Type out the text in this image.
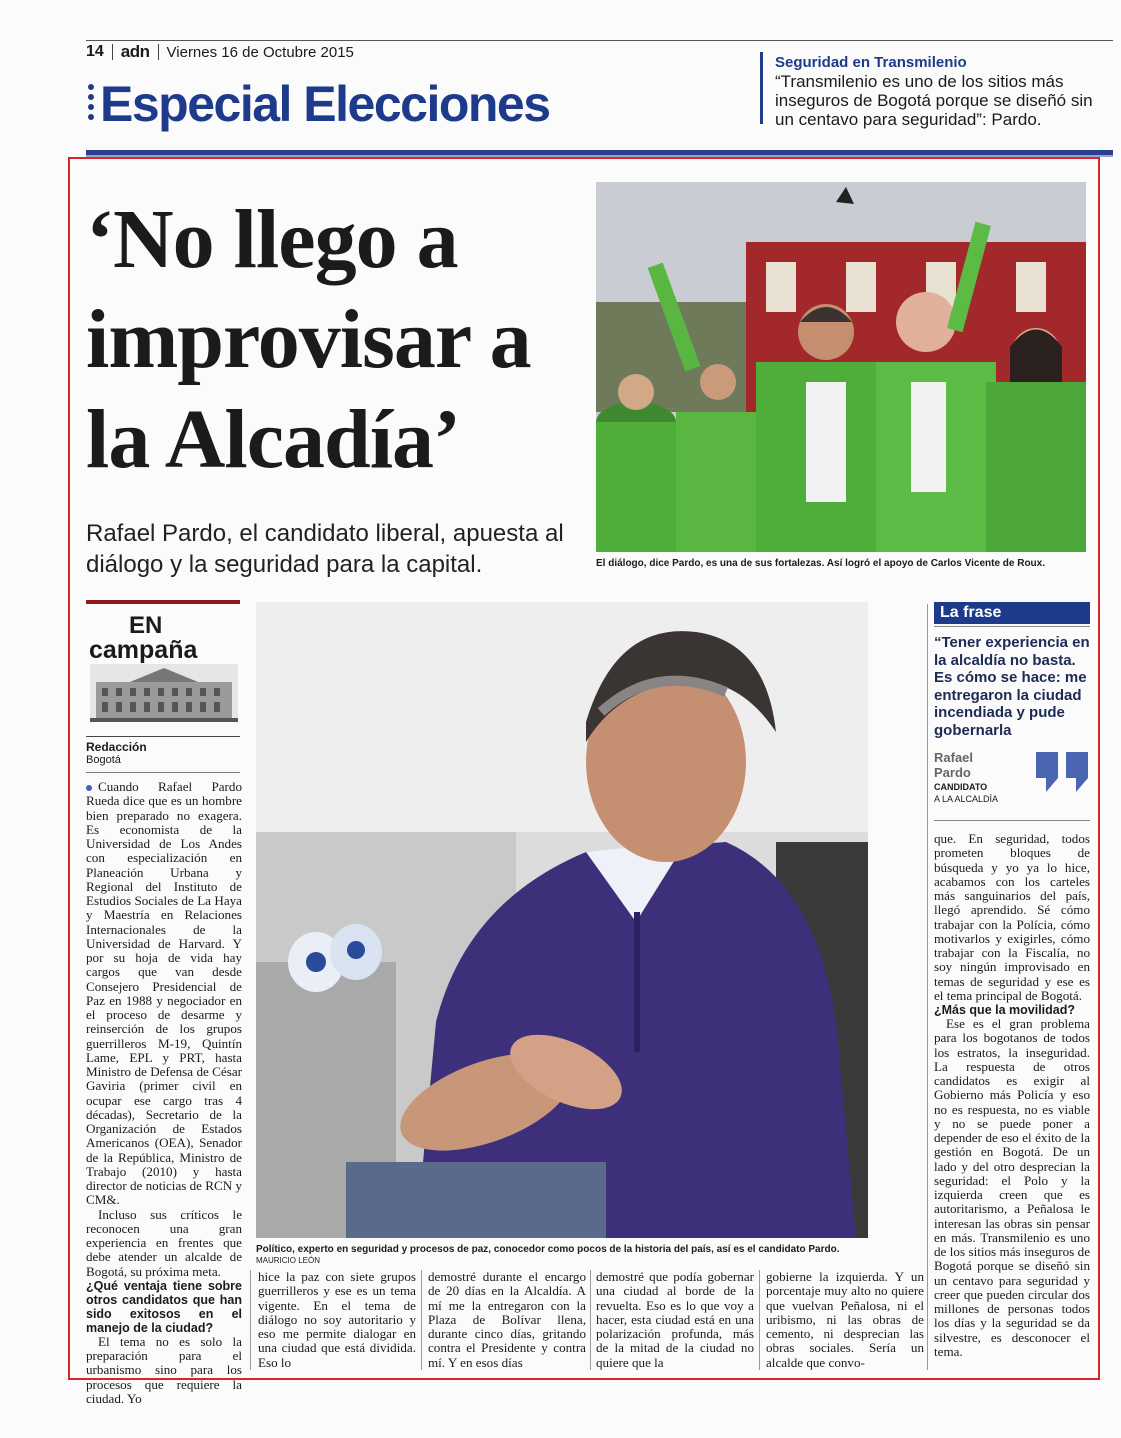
14 adn Viernes 16 de Octubre 2015
Especial Elecciones
Seguridad en Transmilenio
“Transmilenio es uno de los sitios más inseguros de Bogotá porque se diseñó sin un centavo para seguridad”: Pardo.
‘No llego a improvisar a la Alcadía’
Rafael Pardo, el candidato liberal, apuesta al diálogo y la seguridad para la capital.	El diálogo, dice Pardo, es una de sus fortalezas. Así logró el apoyo de Carlos Vicente de Roux.
EN
campaña
Redacción
Bogotá

Cuando Rafael Pardo Rueda dice que es un hombre bien preparado no exagera. Es economista de la Universidad de Los Andes con especialización en Planeación Urbana y Regional del Instituto de Estudios Sociales de La Haya y Maestría en Relaciones Internacionales de la Universidad de Harvard. Y por su hoja de vida hay cargos que van desde Consejero Presidencial de Paz en 1988 y negociador en el proceso de desarme y reinserción de los grupos guerrilleros M-19, Quintín Lame, EPL y PRT, hasta Ministro de Defensa de César Gaviria (primer civil en ocupar ese cargo tras 4 décadas), Secretario de la Organización de Estados Americanos (OEA), Senador de la República, Ministro de Trabajo (2010) y hasta director de noticias de RCN y CM&.

Incluso sus críticos le reconocen una gran experiencia en frentes que debe atender un alcalde de Bogotá, su próxima meta.

¿Qué ventaja tiene sobre otros candidatos que han sido exitosos en el manejo de la ciudad?

El tema no es solo la preparación para el urbanismo sino para los procesos que requiere la ciudad. Yo

Político, experto en seguridad y procesos de paz, conocedor como pocos de la historia del país, así es el candidato Pardo. MAURICIO LEÓN

hice la paz con siete grupos guerrilleros y ese es un tema vigente. En el tema de diálogo no soy autoritario y eso me permite dialogar en una ciudad que está dividida. Eso lo

demostré durante el encargo de 20 días en la Alcaldía. A mí me la entregaron con la Plaza de Bolívar llena, durante cinco días, gritando contra el Presidente y contra mí. Y en esos días

demostré que podía gobernar una ciudad al borde de la revuelta. Eso es lo que voy a hacer, esta ciudad está en una polarización profunda, más de la mitad de la ciudad no quiere que la

gobierne la izquierda. Y un porcentaje muy alto no quiere que vuelvan Peñalosa, ni el uribismo, ni las obras de cemento, ni desprecian las obras sociales. Sería un alcalde que convo-

La frase
“Tener experiencia en la alcaldía no basta. Es cómo se hace: me entregaron la ciudad incendiada y pude gobernarla
Rafael
Pardo
CANDIDATO
A LA ALCALDÍA

que. En seguridad, todos prometen bloques de búsqueda y yo ya lo hice, acabamos con los carteles más sanguinarios del país, llegó aprendido. Sé cómo trabajar con la Polícia, cómo motivarlos y exigirles, cómo trabajar con la Fiscalía, no soy ningún improvisado en temas de seguridad y ese es el tema principal de Bogotá.

¿Más que la movilidad?

Ese es el gran problema para los bogotanos de todos los estratos, la inseguridad. La respuesta de otros candidatos es exigir al Gobierno más Policía y eso no es respuesta, no es viable y no se puede poner a depender de eso el éxito de la gestión en Bogotá. De un lado y del otro desprecian la seguridad: el Polo y la izquierda creen que es autoritarismo, a Peñalosa le interesan las obras sin pensar en más. Transmilenio es uno de los sitios más inseguros de Bogotá porque se diseñó sin un centavo para seguridad y creer que pueden circular dos millones de personas todos los días y la seguridad se da silvestre, es desconocer el tema.
